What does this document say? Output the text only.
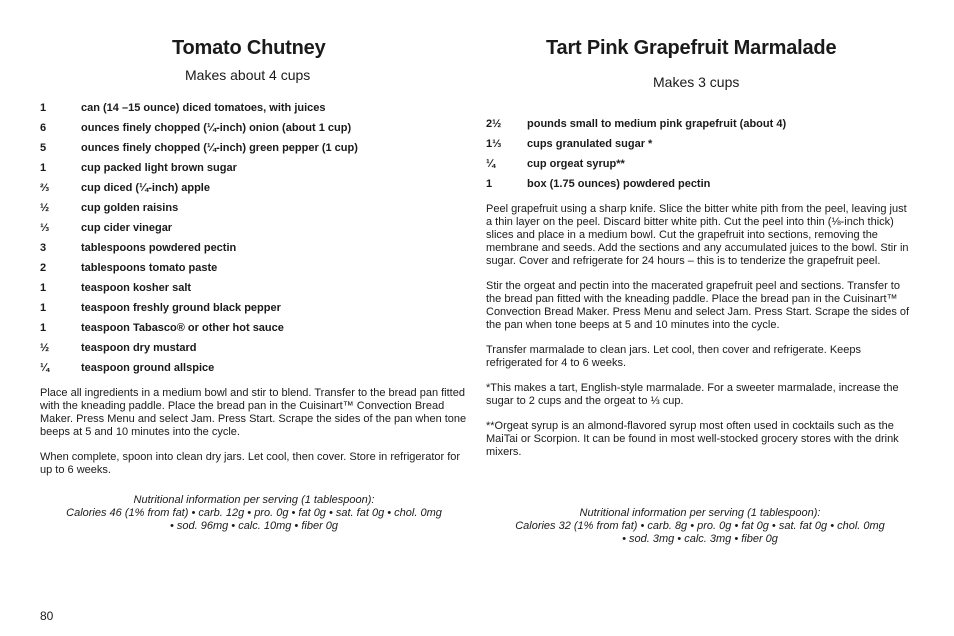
Tomato Chutney
Makes about 4 cups
1	can (14 –15 ounce) diced tomatoes, with juices
6	ounces finely chopped (¼-inch) onion (about 1 cup)
5	ounces finely chopped (¼-inch) green pepper (1 cup)
1	cup packed light brown sugar
⅔	cup diced (¼-inch) apple
½	cup golden raisins
⅓	cup cider vinegar
3	tablespoons powdered pectin
2	tablespoons tomato paste
1	teaspoon kosher salt
1	teaspoon freshly ground black pepper
1	teaspoon Tabasco® or other hot sauce
½	teaspoon dry mustard
¼	teaspoon ground allspice

Place all ingredients in a medium bowl and stir to blend. Transfer to the bread pan fitted with the kneading paddle. Place the bread pan in the Cuisinart™ Convection Bread Maker. Press Menu and select Jam. Press Start. Scrape the sides of the pan when tone beeps at 5 and 10 minutes into the cycle.

When complete, spoon into clean dry jars. Let cool, then cover. Store in refrigerator for up to 6 weeks.

Nutritional information per serving (1 tablespoon):
Calories 46 (1% from fat) • carb. 12g • pro. 0g • fat 0g • sat. fat 0g • chol. 0mg
• sod. 96mg • calc. 10mg • fiber 0g
Tart Pink Grapefruit Marmalade
Makes 3 cups
2½	pounds small to medium pink grapefruit (about 4)
1⅓	cups granulated sugar *
¼	cup orgeat syrup**
1	box (1.75 ounces) powdered pectin

Peel grapefruit using a sharp knife. Slice the bitter white pith from the peel, leaving just a thin layer on the peel. Discard bitter white pith. Cut the peel into thin (⅛-inch thick) slices and place in a medium bowl. Cut the grapefruit into sections, removing the membrane and seeds. Add the sections and any accumulated juices to the bowl. Stir in sugar. Cover and refrigerate for 24 hours – this is to tenderize the grapefruit peel.

Stir the orgeat and pectin into the macerated grapefruit peel and sections. Transfer to the bread pan fitted with the kneading paddle. Place the bread pan in the Cuisinart™ Convection Bread Maker. Press Menu and select Jam. Press Start. Scrape the sides of the pan when tone beeps at 5 and 10 minutes into the cycle.

Transfer marmalade to clean jars. Let cool, then cover and refrigerate. Keeps refrigerated for 4 to 6 weeks.

*This makes a tart, English-style marmalade. For a sweeter marmalade, increase the sugar to 2 cups and the orgeat to ⅓ cup.

**Orgeat syrup is an almond-flavored syrup most often used in cocktails such as the MaiTai or Scorpion. It can be found in most well-stocked grocery stores with the drink mixers.

Nutritional information per serving (1 tablespoon):
Calories 32 (1% from fat) • carb. 8g • pro. 0g • fat 0g • sat. fat 0g • chol. 0mg
• sod. 3mg • calc. 3mg • fiber 0g
80
